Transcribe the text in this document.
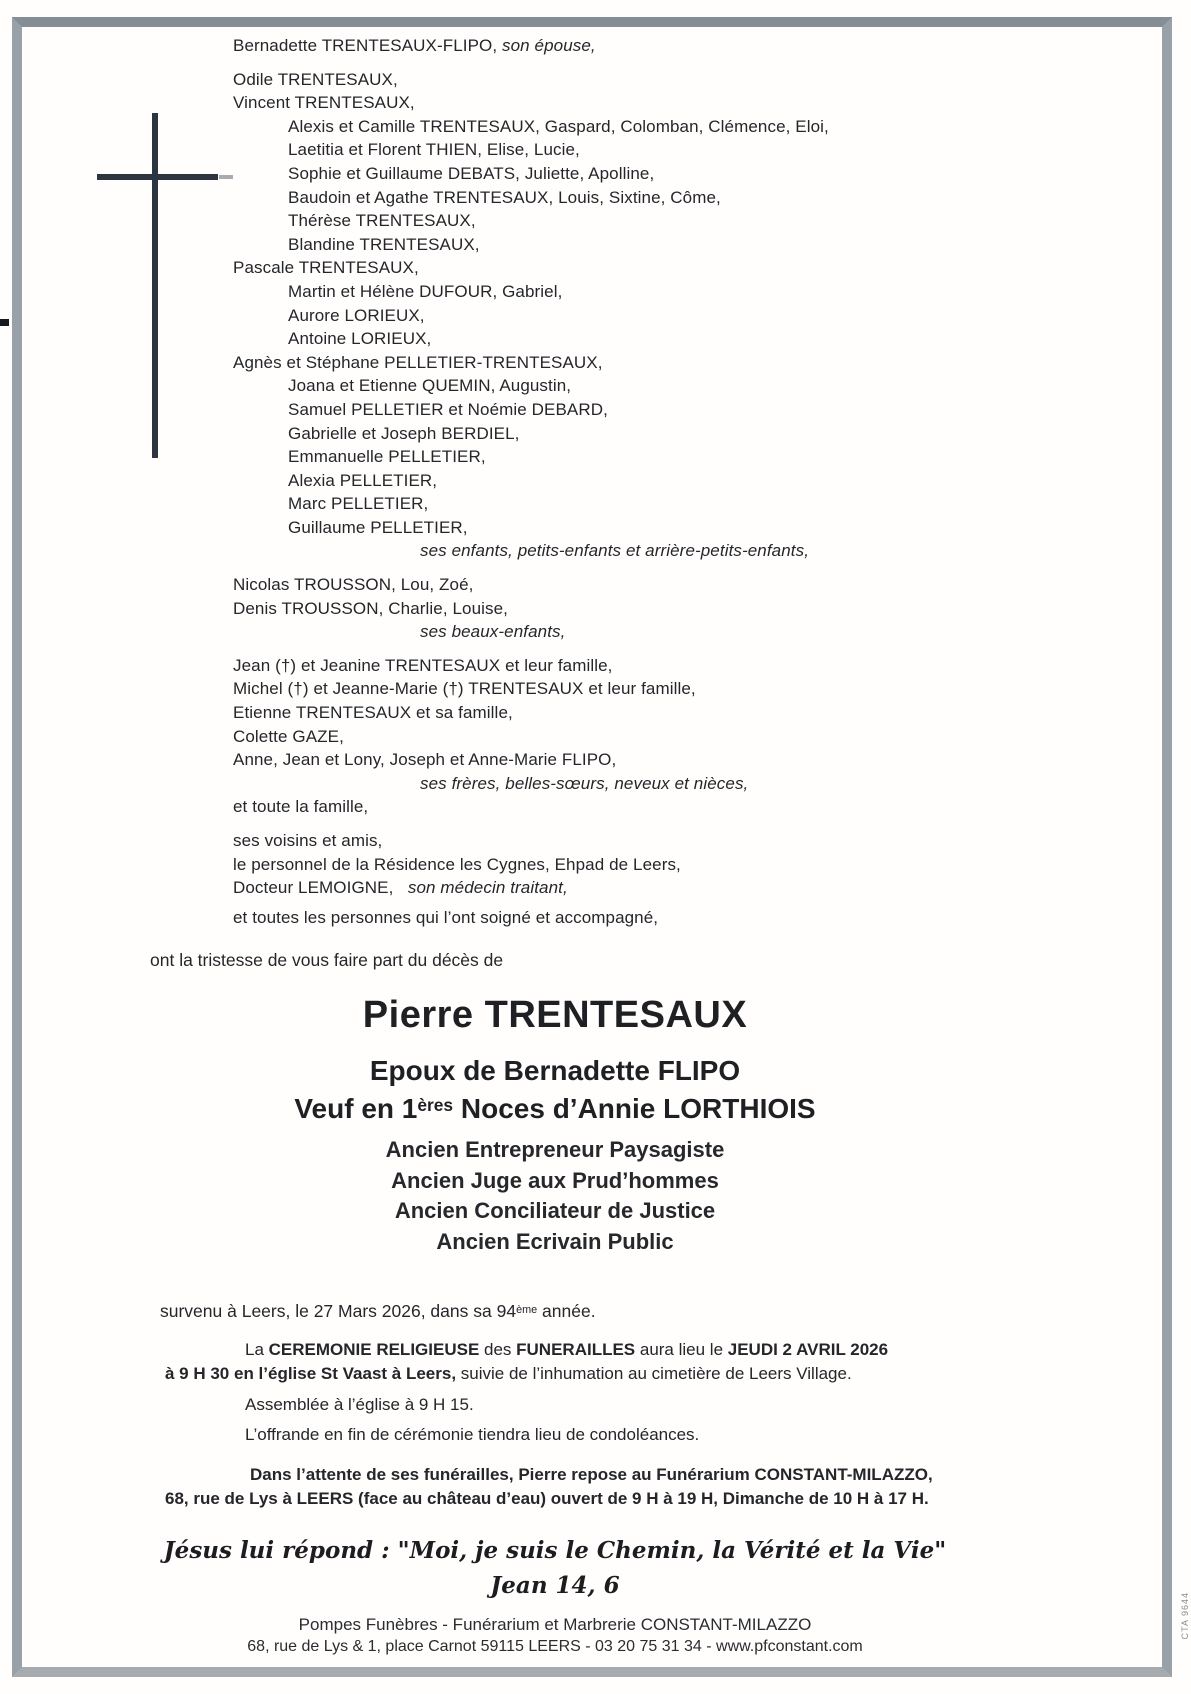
CTA 9644
Bernadette TRENTESAUX-FLIPO, son épouse,
Odile TRENTESAUX,
Vincent TRENTESAUX,
Alexis et Camille TRENTESAUX, Gaspard, Colomban, Clémence, Eloi,
Laetitia et Florent THIEN, Elise, Lucie,
Sophie et Guillaume DEBATS, Juliette, Apolline,
Baudoin et Agathe TRENTESAUX, Louis, Sixtine, Côme,
Thérèse TRENTESAUX,
Blandine TRENTESAUX,
Pascale TRENTESAUX,
Martin et Hélène DUFOUR, Gabriel,
Aurore LORIEUX,
Antoine LORIEUX,
Agnès et Stéphane PELLETIER-TRENTESAUX,
Joana et Etienne QUEMIN, Augustin,
Samuel PELLETIER et Noémie DEBARD,
Gabrielle et Joseph BERDIEL,
Emmanuelle PELLETIER,
Alexia PELLETIER,
Marc PELLETIER,
Guillaume PELLETIER,
ses enfants, petits-enfants et arrière-petits-enfants,
Nicolas TROUSSON, Lou, Zoé,
Denis TROUSSON, Charlie, Louise,
ses beaux-enfants,
Jean (†) et Jeanine TRENTESAUX et leur famille,
Michel (†) et Jeanne-Marie (†) TRENTESAUX et leur famille,
Etienne TRENTESAUX et sa famille,
Colette GAZE,
Anne, Jean et Lony, Joseph et Anne-Marie FLIPO,
ses frères, belles-sœurs, neveux et nièces,
et toute la famille,
ses voisins et amis,
le personnel de la Résidence les Cygnes, Ehpad de Leers,
Docteur LEMOIGNE,   son médecin traitant,
et toutes les personnes qui l’ont soigné et accompagné,
ont la tristesse de vous faire part du décès de
Pierre TRENTESAUX
Epoux de Bernadette FLIPO
Veuf en 1ères Noces d’Annie LORTHIOIS
Ancien Entrepreneur Paysagiste
Ancien Juge aux Prud’hommes
Ancien Conciliateur de Justice
Ancien Ecrivain Public
survenu à Leers, le 27 Mars 2026, dans sa 94ème année.
La CEREMONIE RELIGIEUSE des FUNERAILLES aura lieu le JEUDI 2 AVRIL 2026
à 9 H 30 en l’église St Vaast à Leers, suivie de l’inhumation au cimetière de Leers Village.
Assemblée à l’église à 9 H 15.
L’offrande en fin de cérémonie tiendra lieu de condoléances.
Dans l’attente de ses funérailles, Pierre repose au Funérarium CONSTANT-MILAZZO,
68, rue de Lys à LEERS (face au château d’eau) ouvert de 9 H à 19 H, Dimanche de 10 H à 17 H.
Jésus lui répond : "Moi, je suis le Chemin, la Vérité et la Vie"
Jean 14, 6
Pompes Funèbres - Funérarium et Marbrerie CONSTANT-MILAZZO
68, rue de Lys & 1, place Carnot 59115 LEERS - 03 20 75 31 34 - www.pfconstant.com
